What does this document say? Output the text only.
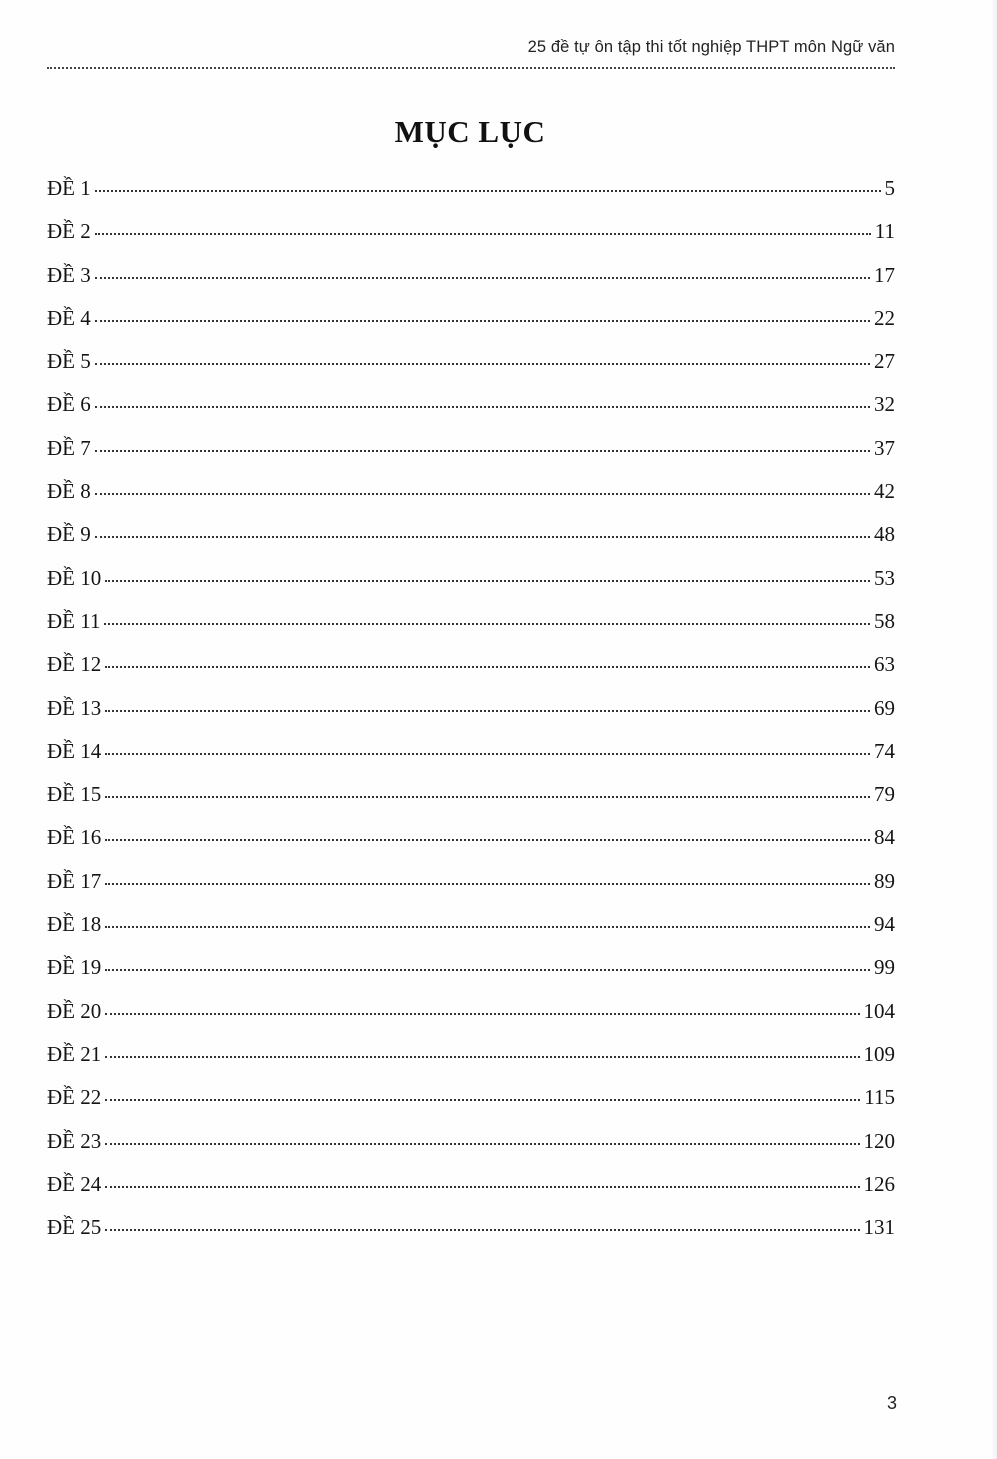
25 đề tự ôn tập thi tốt nghiệp THPT môn Ngữ văn
MỤC LỤC
ĐỀ 1	5
ĐỀ 2	11
ĐỀ 3	17
ĐỀ 4	22
ĐỀ 5	27
ĐỀ 6	32
ĐỀ 7	37
ĐỀ 8	42
ĐỀ 9	48
ĐỀ 10	53
ĐỀ 11	58
ĐỀ 12	63
ĐỀ 13	69
ĐỀ 14	74
ĐỀ 15	79
ĐỀ 16	84
ĐỀ 17	89
ĐỀ 18	94
ĐỀ 19	99
ĐỀ 20	104
ĐỀ 21	109
ĐỀ 22	115
ĐỀ 23	120
ĐỀ 24	126
ĐỀ 25	131
3
